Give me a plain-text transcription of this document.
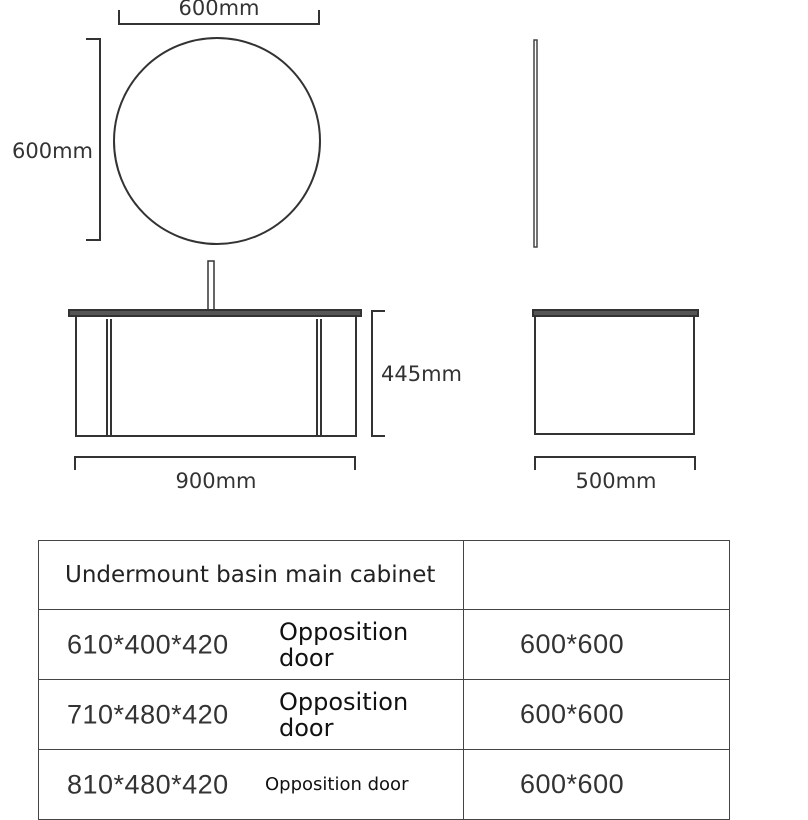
600mm
600mm
445mm
900mm	500mm
Undermount basin main cabinet	

610*400*420 Opposition door	600*600

710*480*420 Opposition door	600*600

810*480*420 Opposition door	600*600
